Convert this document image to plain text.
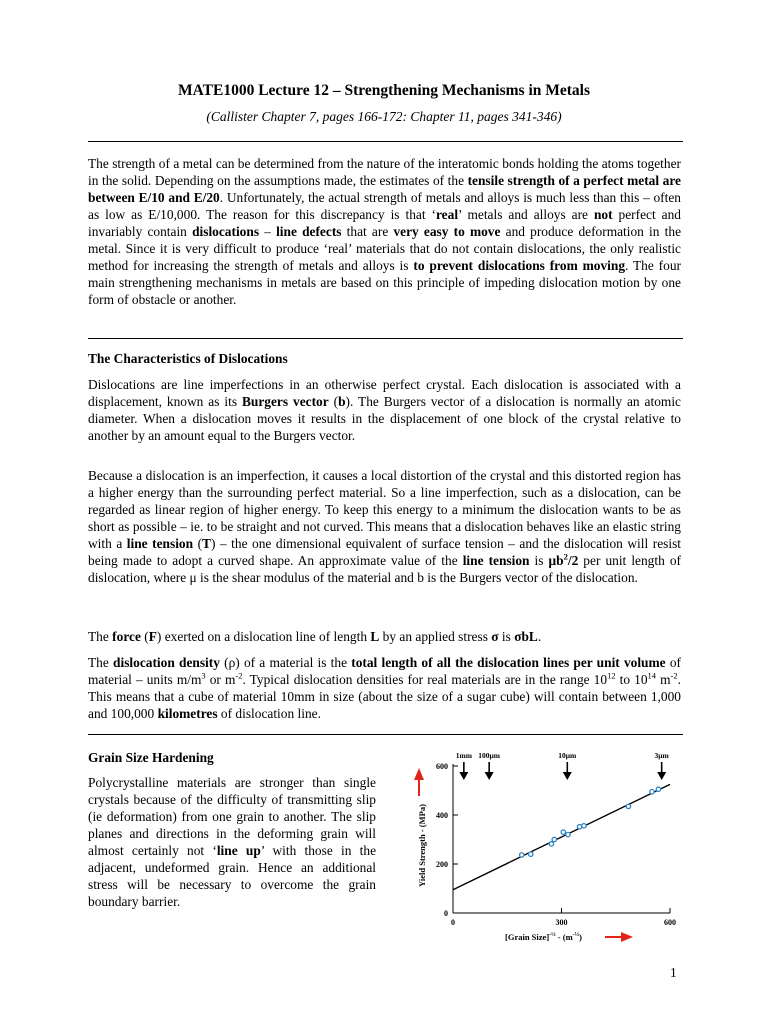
MATE1000 Lecture 12 – Strengthening Mechanisms in Metals
(Callister Chapter 7, pages 166-172: Chapter 11, pages 341-346)
The strength of a metal can be determined from the nature of the interatomic bonds holding the atoms together in the solid. Depending on the assumptions made, the estimates of the tensile strength of a perfect metal are between E/10 and E/20. Unfortunately, the actual strength of metals and alloys is much less than this – often as low as E/10,000. The reason for this discrepancy is that ‘real’ metals and alloys are not perfect and invariably contain dislocations – line defects that are very easy to move and produce deformation in the metal. Since it is very difficult to produce ‘real’ materials that do not contain dislocations, the only realistic method for increasing the strength of metals and alloys is to prevent dislocations from moving. The four main strengthening mechanisms in metals are based on this principle of impeding dislocation motion by one form of obstacle or another.
The Characteristics of Dislocations
Dislocations are line imperfections in an otherwise perfect crystal. Each dislocation is associated with a displacement, known as its Burgers vector (b). The Burgers vector of a dislocation is normally an atomic diameter. When a dislocation moves it results in the displacement of one block of the crystal relative to another by an amount equal to the Burgers vector.
Because a dislocation is an imperfection, it causes a local distortion of the crystal and this distorted region has a higher energy than the surrounding perfect material. So a line imperfection, such as a dislocation, can be regarded as linear region of higher energy. To keep this energy to a minimum the dislocation wants to be as short as possible – ie. to be straight and not curved. This means that a dislocation behaves like an elastic string with a line tension (T) – the one dimensional equivalent of surface tension – and the dislocation will resist being made to adopt a curved shape. An approximate value of the line tension is $\mu b^2/2$ per unit length of dislocation, where μ is the shear modulus of the material and b is the Burgers vector of the dislocation.
The force (F) exerted on a dislocation line of length L by an applied stress σ is σbL.
The dislocation density (ρ) of a material is the total length of all the dislocation lines per unit volume of material – units $m/m^3$ or $m^{-2}$. Typical dislocation densities for real materials are in the range $10^{12}$ to $10^{14}$ $m^{-2}$. This means that a cube of material 10mm in size (about the size of a sugar cube) will contain between 1,000 and 100,000 kilometres of dislocation line.
Grain Size Hardening
Polycrystalline materials are stronger than single crystals because of the difficulty of transmitting slip (ie deformation) from one grain to another. The slip planes and directions in the deforming grain will almost certainly not ‘line up’ with those in the adjacent, undeformed grain. Hence an additional stress will be necessary to overcome the grain boundary barrier.
0
200
400
600
0	300	600
1mm 100μm	10μm	3μm
Yield Strength - (MPa)
[Grain Size]$^{-\frac{1}{2}}$ - $(m^{-\frac{1}{2}})$
1
